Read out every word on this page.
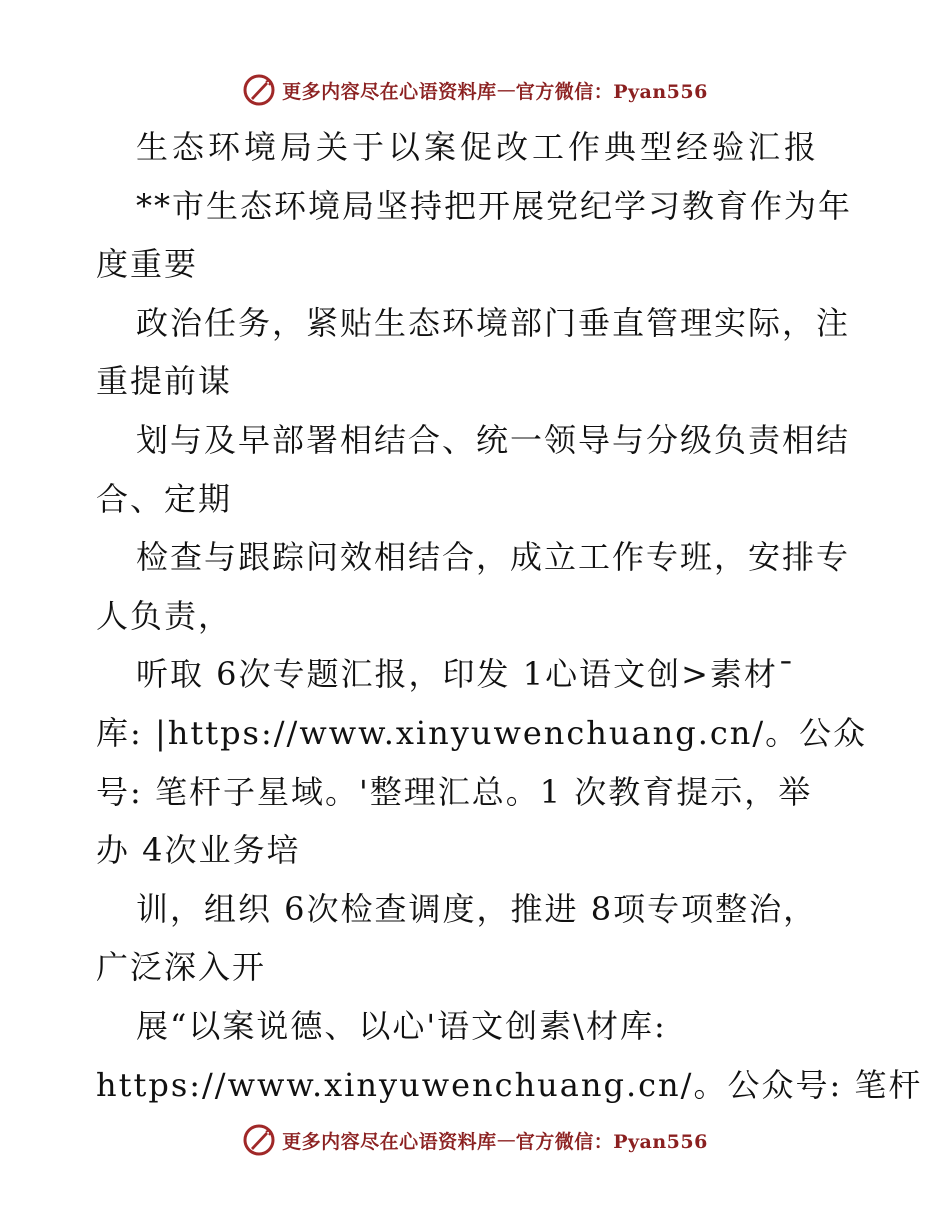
更多内容尽在心语资料库 — 官方微信：Pyan556
生态环境局关于以案促改工作典型经验汇报
**市生态环境局坚持把开展党纪学习教育作为年
度重要
政治任务，紧贴生态环境部门垂直管理实际，注
重提前谋
划与及早部署相结合、统一领导与分级负责相结
合、定期
检查与跟踪问效相结合，成立工作专班，安排专
人负责，
听取 6次专题汇报，印发 1心语文创>素材¯
库: |https://www.xinyuwenchuang.cn/。公众
号: 笔杆子星域。'整理汇总。1 次教育提示，举
办 4次业务培
训，组织 6次检查调度，推进 8项专项整治，
广泛深入开
展“以案说德、以心'语文创素\材库:
https://www.xinyuwenchuang.cn/。公众号: 笔杆
更多内容尽在心语资料库 — 官方微信：Pyan556
